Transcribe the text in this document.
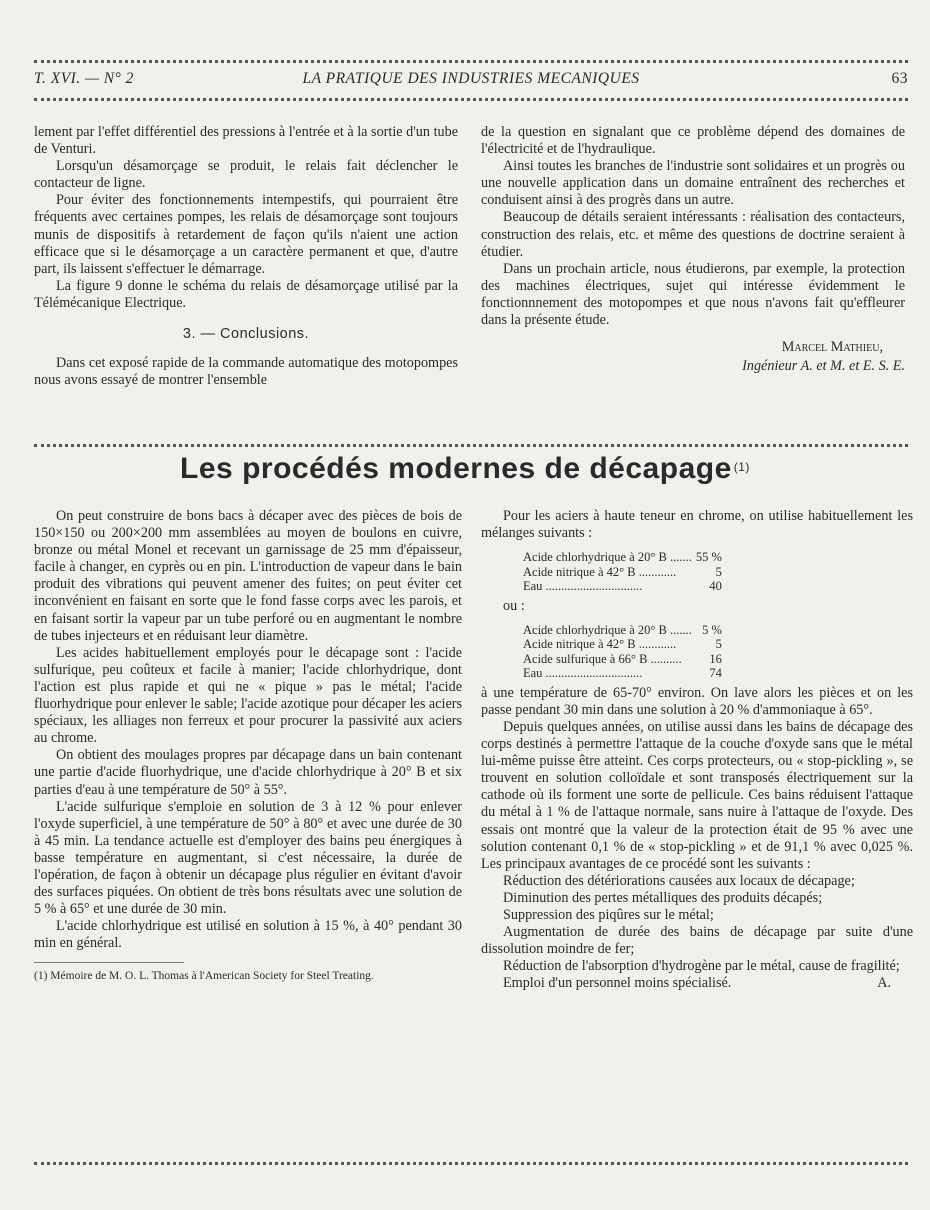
T. XVI. — N° 2	LA PRATIQUE DES INDUSTRIES MECANIQUES	63

lement par l'effet différentiel des pressions à l'entrée et à la sortie d'un tube de Venturi.

Lorsqu'un désamorçage se produit, le relais fait déclencher le contacteur de ligne.

Pour éviter des fonctionnements intempestifs, qui pourraient être fréquents avec certaines pompes, les relais de désamorçage sont toujours munis de dispositifs à retardement de façon qu'ils n'aient une action efficace que si le désamorçage a un caractère permanent et que, d'autre part, ils laissent s'effectuer le démarrage.

La figure 9 donne le schéma du relais de désamorçage utilisé par la Télémécanique Electrique.

3. — Conclusions.

Dans cet exposé rapide de la commande automatique des motopompes nous avons essayé de montrer l'ensemble

de la question en signalant que ce problème dépend des domaines de l'électricité et de l'hydraulique.

Ainsi toutes les branches de l'industrie sont solidaires et un progrès ou une nouvelle application dans un domaine entraînent des recherches et conduisent ainsi à des progrès dans un autre.

Beaucoup de détails seraient intéressants : réalisation des contacteurs, construction des relais, etc. et même des questions de doctrine seraient à étudier.

Dans un prochain article, nous étudierons, par exemple, la protection des machines électriques, sujet qui intéresse évidemment le fonctionnnement des motopompes et que nous n'avons fait qu'effleurer dans la présente étude.

Marcel Mathieu,
Ingénieur A. et M. et E. S. E.
Les procédés modernes de décapage $^{(1)}$

On peut construire de bons bacs à décaper avec des pièces de bois de 150×150 ou 200×200 mm assemblées au moyen de boulons en cuivre, bronze ou métal Monel et recevant un garnissage de 25 mm d'épaisseur, facile à changer, en cyprès ou en pin. L'introduction de vapeur dans le bain produit des vibrations qui peuvent amener des fuites; on peut éviter cet inconvénient en faisant en sorte que le fond fasse corps avec les parois, et en faisant sortir la vapeur par un tube perforé ou en augmentant le nombre de tubes injecteurs et en réduisant leur diamètre.

Les acides habituellement employés pour le décapage sont : l'acide sulfurique, peu coûteux et facile à manier; l'acide chlorhydrique, dont l'action est plus rapide et qui ne « pique » pas le métal; l'acide fluorhydrique pour enlever le sable; l'acide azotique pour décaper les aciers spéciaux, les alliages non ferreux et pour procurer la passivité aux aciers au chrome.

On obtient des moulages propres par décapage dans un bain contenant une partie d'acide fluorhydrique, une d'acide chlorhydrique à 20° B et six parties d'eau à une température de 50° à 55°.

L'acide sulfurique s'emploie en solution de 3 à 12 % pour enlever l'oxyde superficiel, à une température de 50° à 80° et avec une durée de 30 à 45 min. La tendance actuelle est d'employer des bains peu énergiques à basse température en augmentant, si c'est nécessaire, la durée de l'opération, de façon à obtenir un décapage plus régulier en évitant d'avoir des surfaces piquées. On obtient de très bons résultats avec une solution de 5 % à 65° et une durée de 30 min.

L'acide chlorhydrique est utilisé en solution à 15 %, à 40° pendant 30 min en général.

(1) Mémoire de M. O. L. Thomas à l'American Society for Steel Treating.

Pour les aciers à haute teneur en chrome, on utilise habituellement les mélanges suivants :

Acide chlorhydrique à 20° B .......	55 %
Acide nitrique à 42° B ............	5
Eau ...............................	40

ou :

Acide chlorhydrique à 20° B .......	5 %
Acide nitrique à 42° B ............	5
Acide sulfurique à 66° B ..........	16
Eau ...............................	74

à une température de 65-70° environ. On lave alors les pièces et on les passe pendant 30 min dans une solution à 20 % d'ammoniaque à 65°.

Depuis quelques années, on utilise aussi dans les bains de décapage des corps destinés à permettre l'attaque de la couche d'oxyde sans que le métal lui-même puisse être atteint. Ces corps protecteurs, ou « stop-pickling », se trouvent en solution colloïdale et sont transposés électriquement sur la cathode où ils forment une sorte de pellicule. Ces bains réduisent l'attaque du métal à 1 % de l'attaque normale, sans nuire à l'attaque de l'oxyde. Des essais ont montré que la valeur de la protection était de 95 % avec une solution contenant 0,1 % de « stop-pickling » et de 91,1 % avec 0,025 %. Les principaux avantages de ce procédé sont les suivants :

Réduction des détériorations causées aux locaux de décapage;

Diminution des pertes métalliques des produits décapés;

Suppression des piqûres sur le métal;

Augmentation de durée des bains de décapage par suite d'une dissolution moindre de fer;

Réduction de l'absorption d'hydrogène par le métal, cause de fragilité;

Emploi d'un personnel moins spécialisé.	A.
